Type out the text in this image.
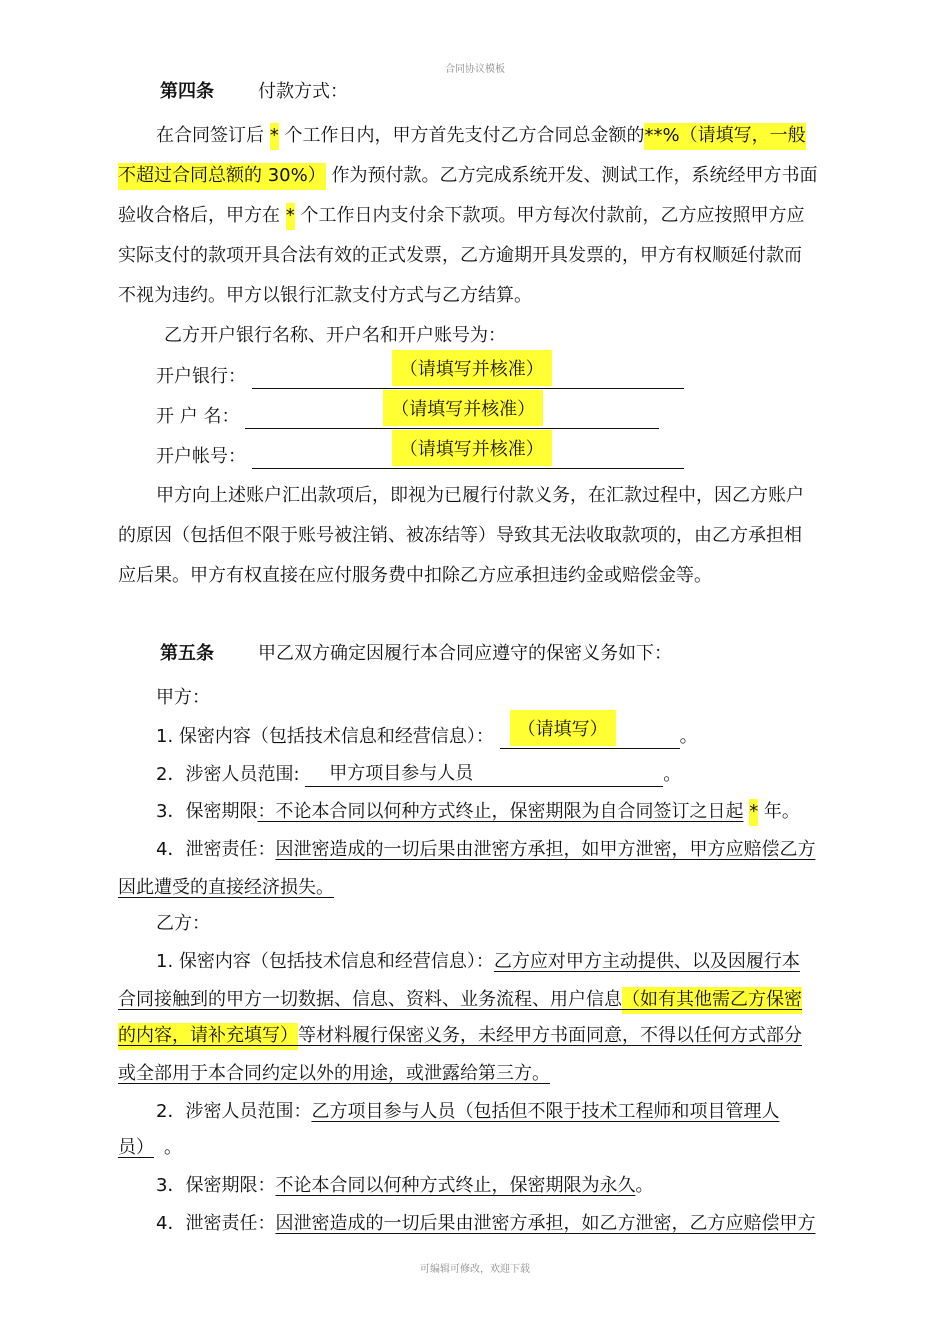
合同协议模板
第四条 付款方式：
在合同签订后 * 个工作日内，甲方首先支付乙方合同总金额的**%（请填写，一般
不超过合同总额的 30%） 作为预付款。乙方完成系统开发、测试工作，系统经甲方书面
验收合格后，甲方在 * 个工作日内支付余下款项。甲方每次付款前，乙方应按照甲方应
实际支付的款项开具合法有效的正式发票，乙方逾期开具发票的，甲方有权顺延付款而
不视为违约。甲方以银行汇款支付方式与乙方结算。
乙方开户银行名称、开户名和开户账号为：
开户银行：	（请填写并核准）
开 户 名：	（请填写并核准）
开户帐号：	（请填写并核准）
甲方向上述账户汇出款项后，即视为已履行付款义务，在汇款过程中，因乙方账户
的原因（包括但不限于账号被注销、被冻结等）导致其无法收取款项的，由乙方承担相
应后果。甲方有权直接在应付服务费中扣除乙方应承担违约金或赔偿金等。
第五条 甲乙双方确定因履行本合同应遵守的保密义务如下：
甲方：
1. 保密内容（包括技术信息和经营信息）：	（请填写）	。
2．涉密人员范围: 甲方项目参与人员	。
3．保密期限：不论本合同以何种方式终止，保密期限为自合同签订之日起 * 年。
4．泄密责任：因泄密造成的一切后果由泄密方承担，如甲方泄密，甲方应赔偿乙方
因此遭受的直接经济损失。
乙方：
1. 保密内容（包括技术信息和经营信息）：乙方应对甲方主动提供、以及因履行本
合同接触到的甲方一切数据、信息、资料、业务流程、用户信息（如有其他需乙方保密
的内容，请补充填写）等材料履行保密义务，未经甲方书面同意，不得以任何方式部分
或全部用于本合同约定以外的用途，或泄露给第三方。
2．涉密人员范围：乙方项目参与人员（包括但不限于技术工程师和项目管理人
员） 。
3．保密期限：不论本合同以何种方式终止，保密期限为永久。
4．泄密责任：因泄密造成的一切后果由泄密方承担，如乙方泄密，乙方应赔偿甲方
可编辑可修改，欢迎下载
